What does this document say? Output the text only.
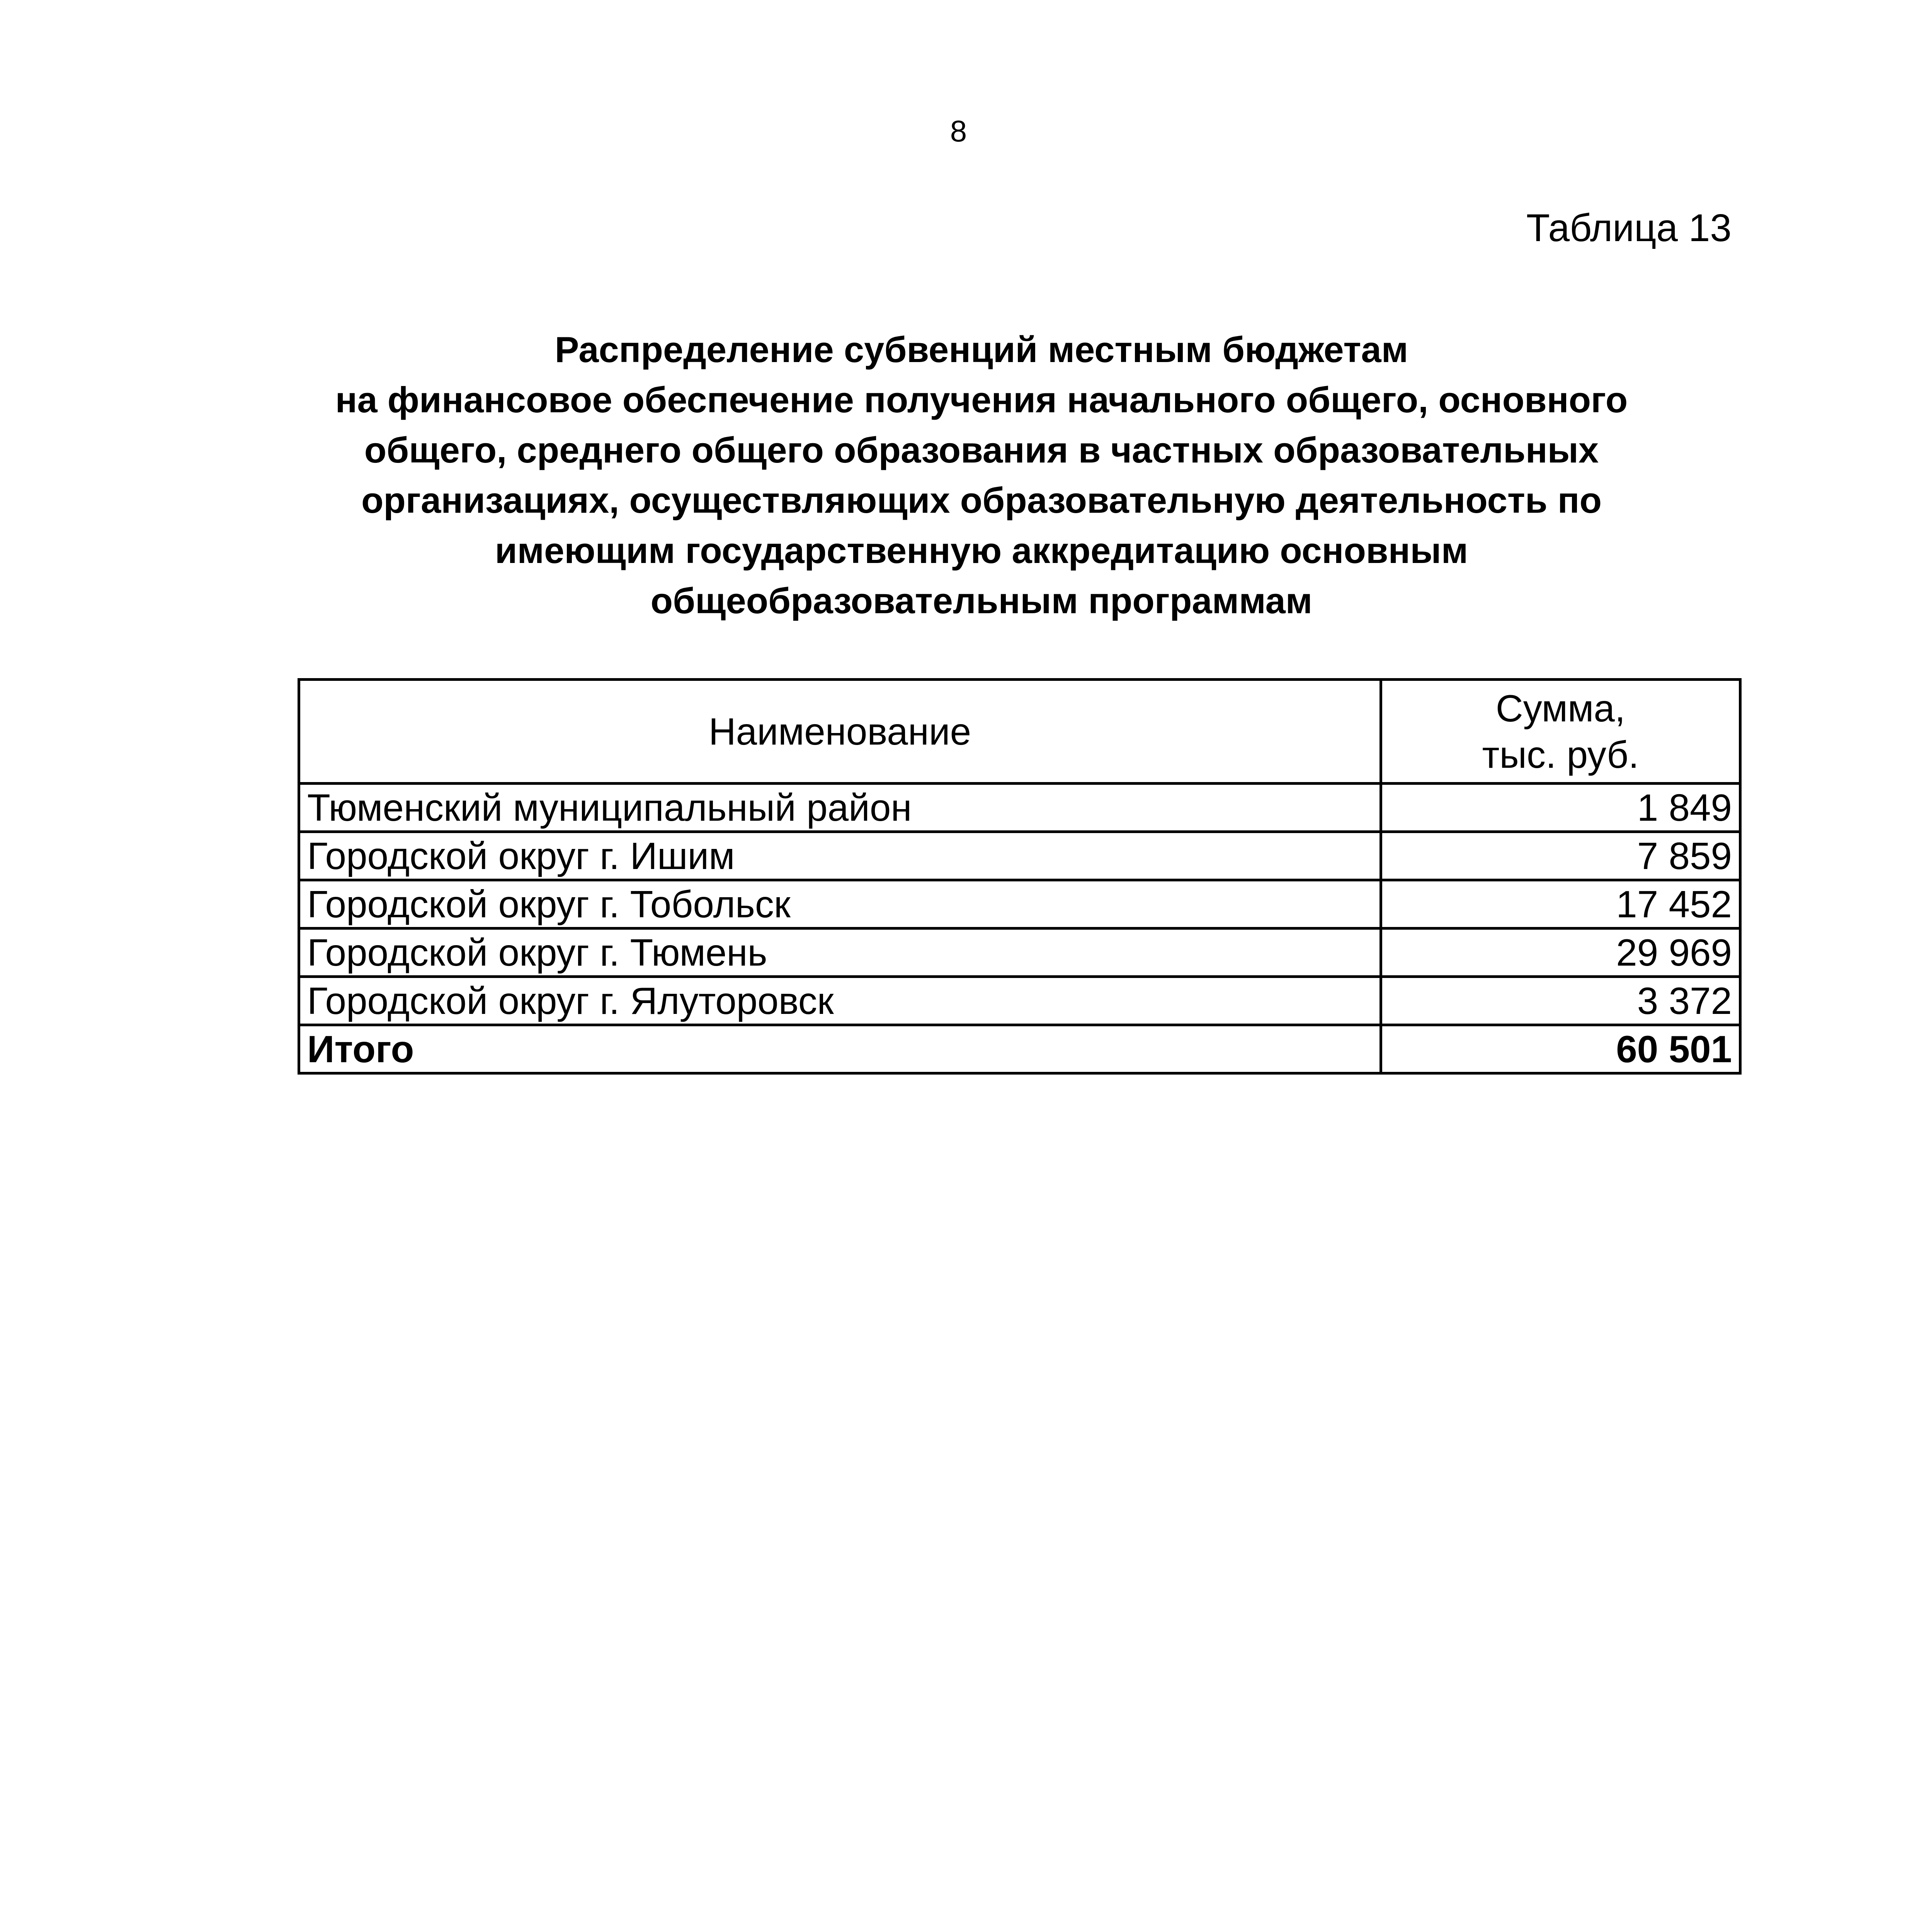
8
Таблица 13
Распределение субвенций местным бюджетам
на финансовое обеспечение получения начального общего, основного
общего, среднего общего образования в частных образовательных
организациях, осуществляющих образовательную деятельность по
имеющим государственную аккредитацию основным
общеобразовательным программам
Наименование	Сумма,
тыс. руб.
Тюменский муниципальный район	1 849
Городской округ г. Ишим	7 859
Городской округ г. Тобольск	17 452
Городской округ г. Тюмень	29 969
Городской округ г. Ялуторовск	3 372
Итого	60 501
